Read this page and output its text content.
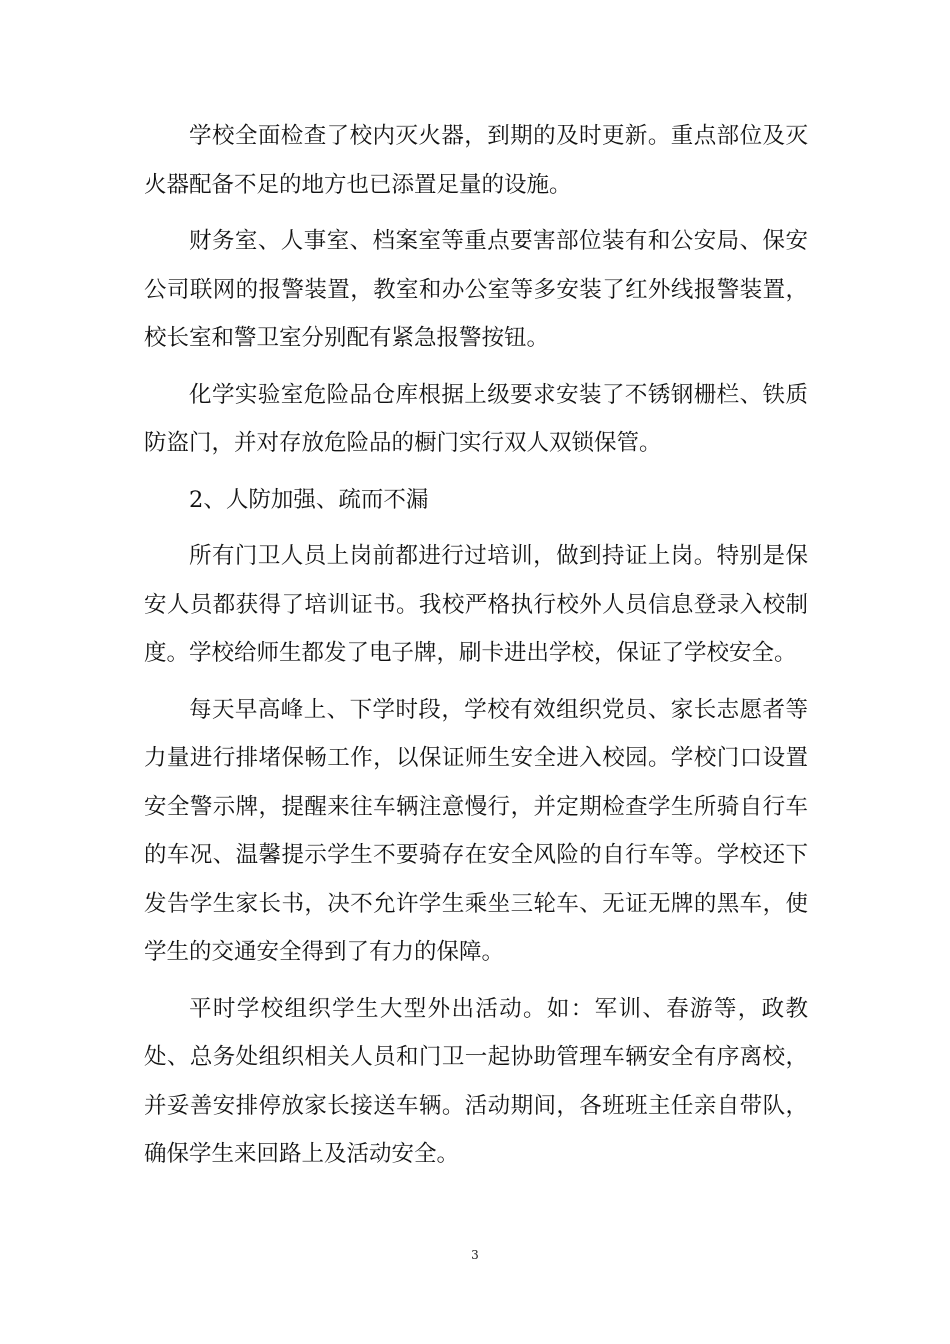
学校全面检查了校内灭火器，到期的及时更新。重点部位及灭火器配备不足的地方也已添置足量的设施。

财务室、人事室、档案室等重点要害部位装有和公安局、保安公司联网的报警装置，教室和办公室等多安装了红外线报警装置，校长室和警卫室分别配有紧急报警按钮。

化学实验室危险品仓库根据上级要求安装了不锈钢栅栏、铁质防盗门，并对存放危险品的橱门实行双人双锁保管。

2、人防加强、疏而不漏

所有门卫人员上岗前都进行过培训，做到持证上岗。特别是保安人员都获得了培训证书。我校严格执行校外人员信息登录入校制度。学校给师生都发了电子牌，刷卡进出学校，保证了学校安全。

每天早高峰上、下学时段，学校有效组织党员、家长志愿者等力量进行排堵保畅工作，以保证师生安全进入校园。学校门口设置安全警示牌，提醒来往车辆注意慢行，并定期检查学生所骑自行车的车况、温馨提示学生不要骑存在安全风险的自行车等。学校还下发告学生家长书，决不允许学生乘坐三轮车、无证无牌的黑车，使学生的交通安全得到了有力的保障。

平时学校组织学生大型外出活动。如：军训、春游等，政教处、总务处组织相关人员和门卫一起协助管理车辆安全有序离校，并妥善安排停放家长接送车辆。活动期间，各班班主任亲自带队，确保学生来回路上及活动安全。

3
